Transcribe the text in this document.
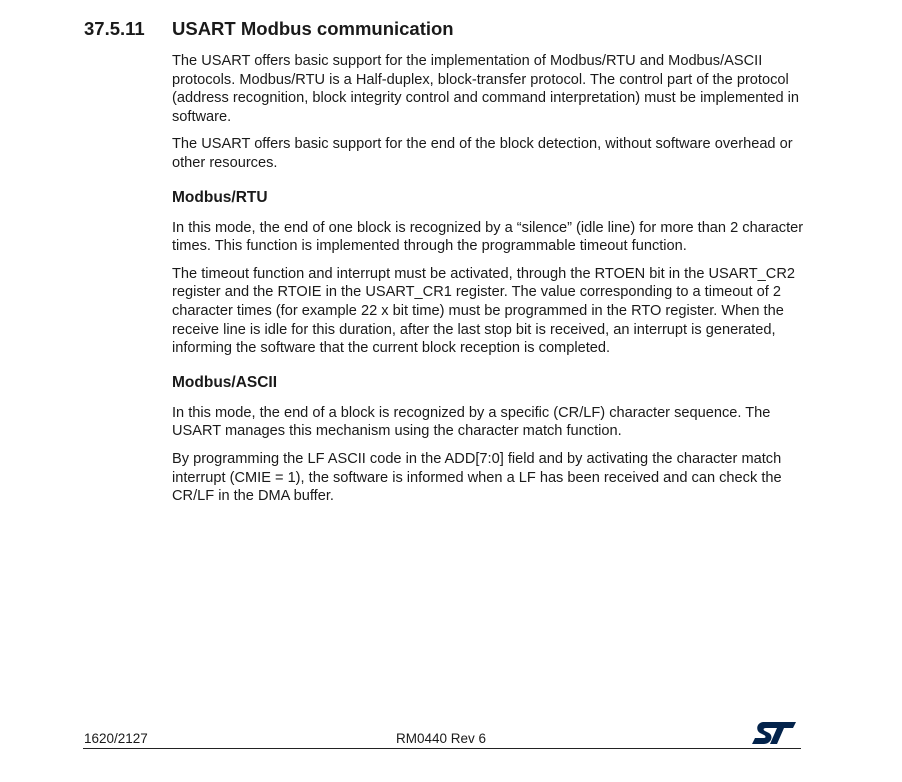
37.5.11 USART Modbus communication

The USART offers basic support for the implementation of Modbus/RTU and Modbus/ASCII protocols. Modbus/RTU is a Half-duplex, block-transfer protocol. The control part of the protocol (address recognition, block integrity control and command interpretation) must be implemented in software.

The USART offers basic support for the end of the block detection, without software overhead or other resources.

Modbus/RTU

In this mode, the end of one block is recognized by a “silence” (idle line) for more than 2 character times. This function is implemented through the programmable timeout function.

The timeout function and interrupt must be activated, through the RTOEN bit in the USART_CR2 register and the RTOIE in the USART_CR1 register. The value corresponding to a timeout of 2 character times (for example 22 x bit time) must be programmed in the RTO register. When the receive line is idle for this duration, after the last stop bit is received, an interrupt is generated, informing the software that the current block reception is completed.

Modbus/ASCII

In this mode, the end of a block is recognized by a specific (CR/LF) character sequence. The USART manages this mechanism using the character match function.

By programming the LF ASCII code in the ADD[7:0] field and by activating the character match interrupt (CMIE = 1), the software is informed when a LF has been received and can check the CR/LF in the DMA buffer.

1620/2127	RM0440 Rev 6
